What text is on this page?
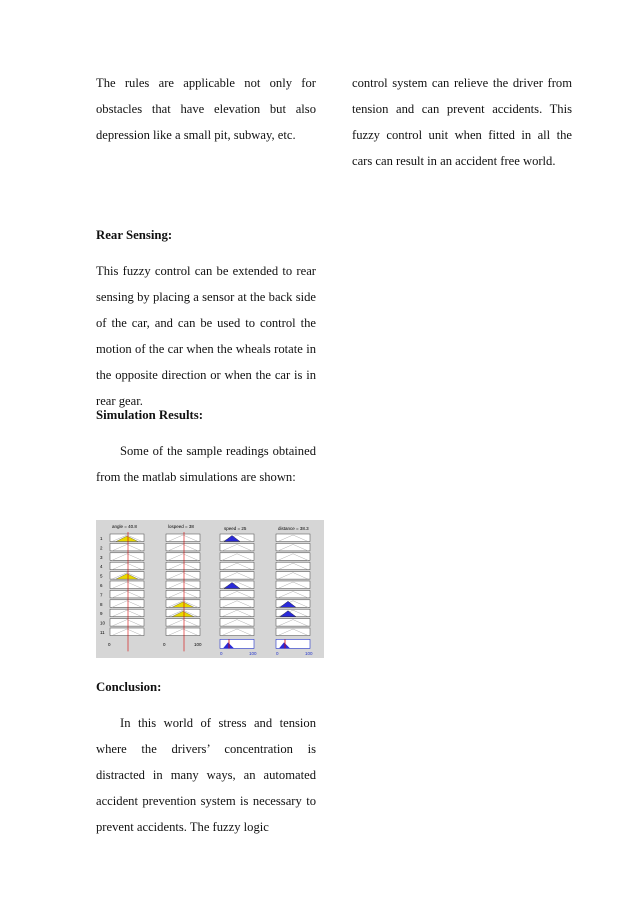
The rules are applicable not only for obstacles that have elevation but also depression like a small pit, subway, etc.

Rear Sensing:

This fuzzy control can be extended to rear sensing by placing a sensor at the back side of the car, and can be used to control the motion of the car when the wheals rotate in the opposite direction or when the car is in rear gear.

Simulation Results:

Some of the sample readings obtained from the matlab simulations are shown:

angle = 40.8	lospeed = 38	speed = 25	distance = 38.3
1
2
3
4
5
6
7
8
9
10
11
0	0	100
0	100	0	100
Conclusion:

In this world of stress and tension where the drivers’ concentration is distracted in many ways, an automated accident prevention system is necessary to prevent accidents. The fuzzy logic

control system can relieve the driver from tension and can prevent accidents. This fuzzy control unit when fitted in all the cars can result in an accident free world.
